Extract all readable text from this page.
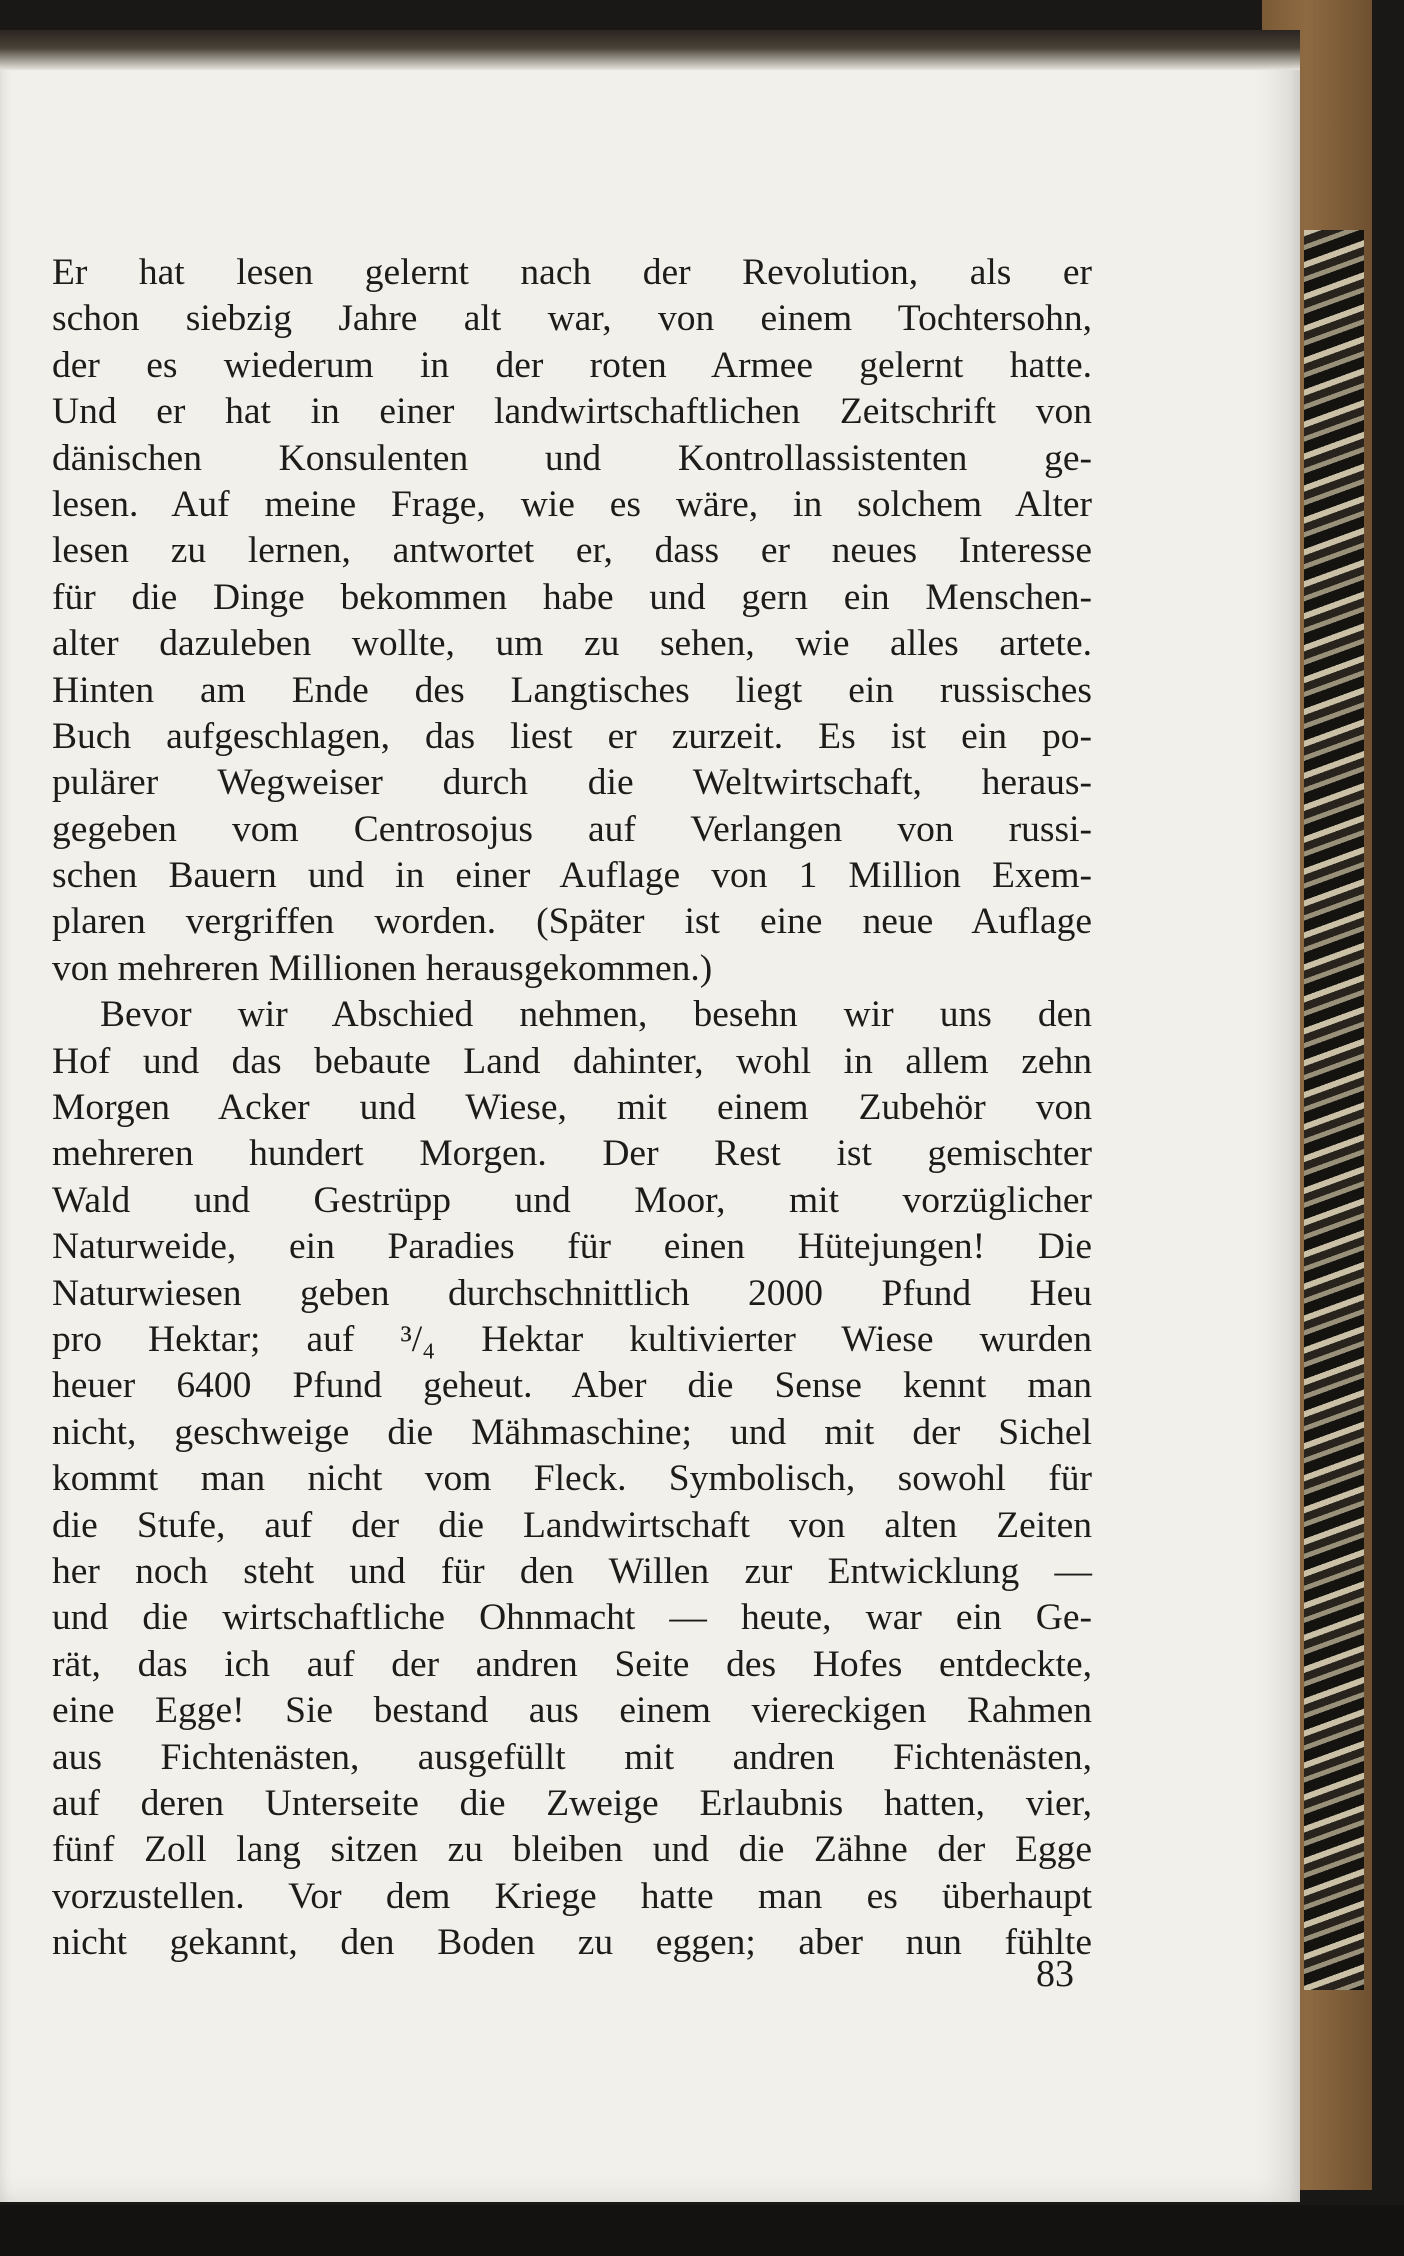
Er hat lesen gelernt nach der Revolution, als er
schon siebzig Jahre alt war, von einem Tochtersohn,
der es wiederum in der roten Armee gelernt hatte.
Und er hat in einer landwirtschaftlichen Zeitschrift von
dänischen Konsulenten und Kontrollassistenten ge-
lesen. Auf meine Frage, wie es wäre, in solchem Alter
lesen zu lernen, antwortet er, dass er neues Interesse
für die Dinge bekommen habe und gern ein Menschen-
alter dazuleben wollte, um zu sehen, wie alles artete.
Hinten am Ende des Langtisches liegt ein russisches
Buch aufgeschlagen, das liest er zurzeit. Es ist ein po-
pulärer Wegweiser durch die Weltwirtschaft, heraus-
gegeben vom Centrosojus auf Verlangen von russi-
schen Bauern und in einer Auflage von 1 Million Exem-
plaren vergriffen worden. (Später ist eine neue Auflage
von mehreren Millionen herausgekommen.)
Bevor wir Abschied nehmen, besehn wir uns den
Hof und das bebaute Land dahinter, wohl in allem zehn
Morgen Acker und Wiese, mit einem Zubehör von
mehreren hundert Morgen. Der Rest ist gemischter
Wald und Gestrüpp und Moor, mit vorzüglicher
Naturweide, ein Paradies für einen Hütejungen! Die
Naturwiesen geben durchschnittlich 2000 Pfund Heu
pro Hektar; auf ³/₄ Hektar kultivierter Wiese wurden
heuer 6400 Pfund geheut. Aber die Sense kennt man
nicht, geschweige die Mähmaschine; und mit der Sichel
kommt man nicht vom Fleck. Symbolisch, sowohl für
die Stufe, auf der die Landwirtschaft von alten Zeiten
her noch steht und für den Willen zur Entwicklung —
und die wirtschaftliche Ohnmacht — heute, war ein Ge-
rät, das ich auf der andren Seite des Hofes entdeckte,
eine Egge! Sie bestand aus einem viereckigen Rahmen
aus Fichtenästen, ausgefüllt mit andren Fichtenästen,
auf deren Unterseite die Zweige Erlaubnis hatten, vier,
fünf Zoll lang sitzen zu bleiben und die Zähne der Egge
vorzustellen. Vor dem Kriege hatte man es überhaupt
nicht gekannt, den Boden zu eggen; aber nun fühlte
83
